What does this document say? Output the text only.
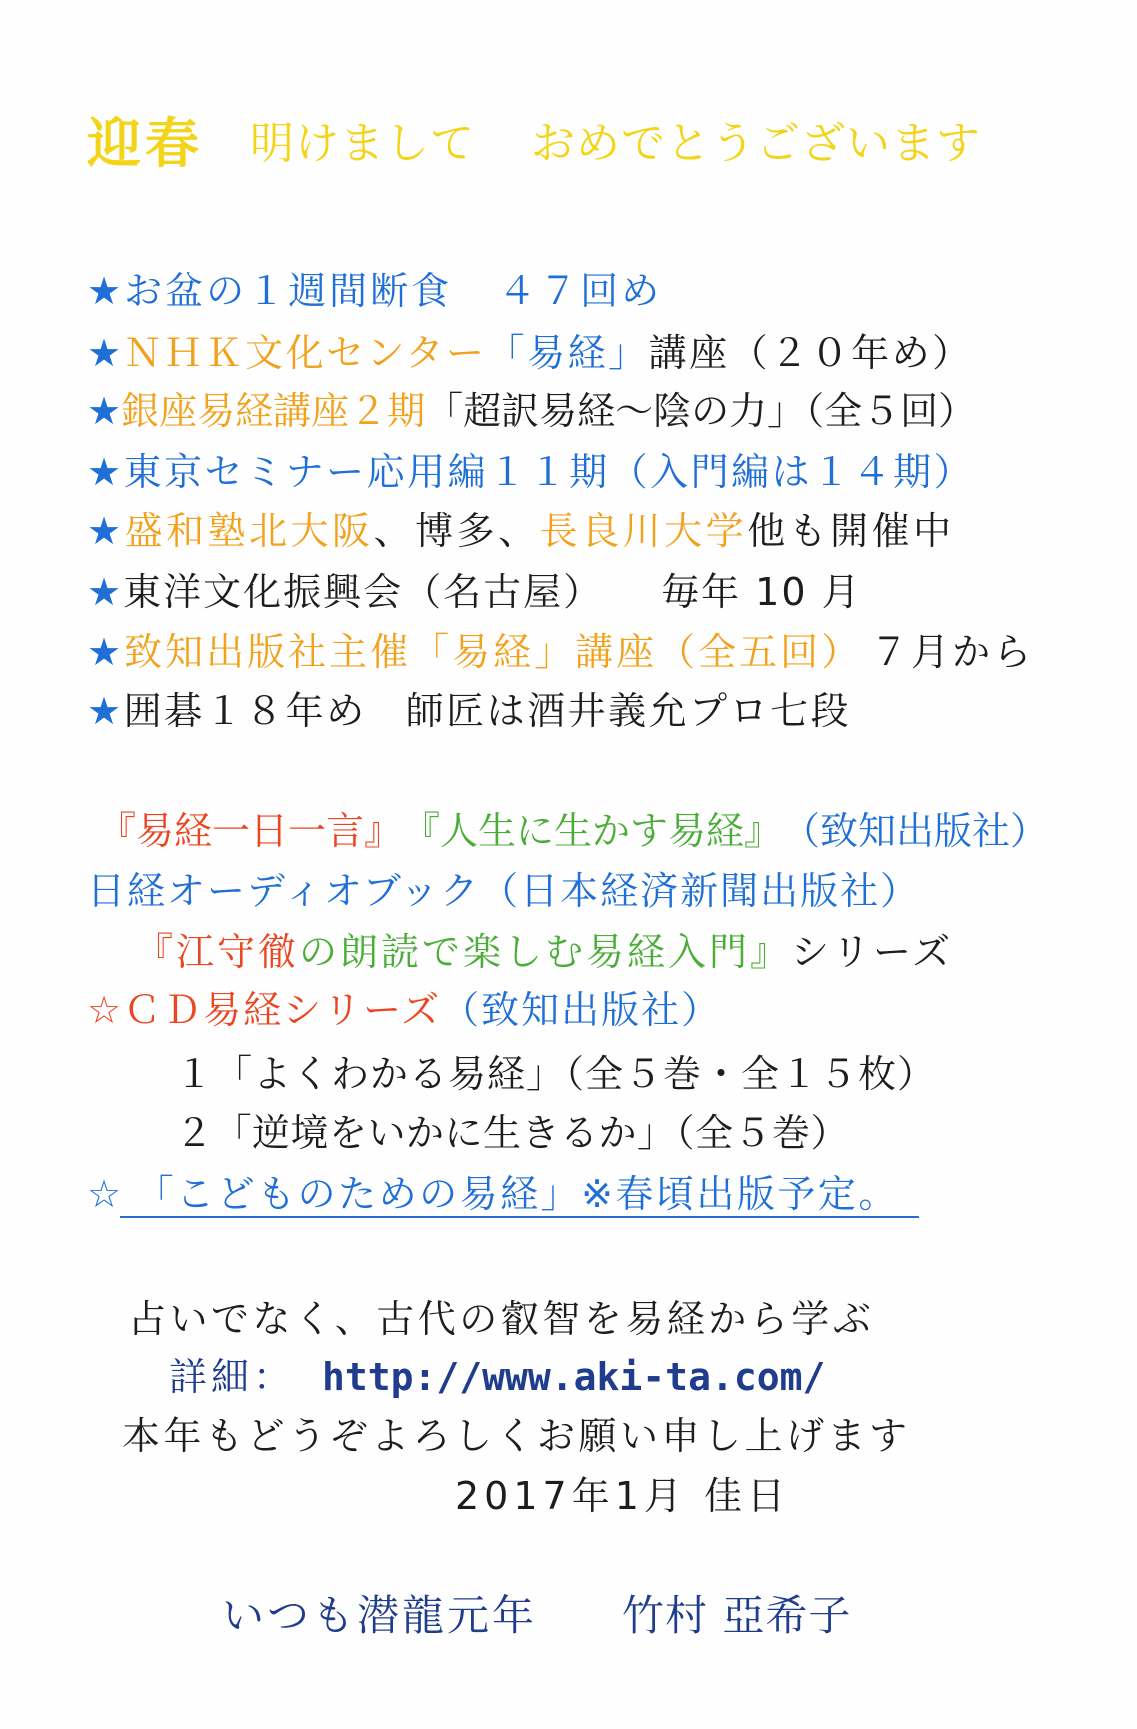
迎春 明けまして おめでとうございます
★ お盆の１週間断食 ４７回め
★ ＮＨＫ文化センター 「易経」 講座（２０年め）
★ 銀座易経講座２期 「超訳易経〜陰の力」（全５回）
★ 東京セミナー応用編１１期（入門編は１４期）
★ 盛和塾北大阪 、博多、 長良川大学 他も開催中
★ 東洋文化振興会（名古屋） 毎年 10 月
★ 致知出版社主催「易経」講座（全五回） ７月から
★ 囲碁１８年め 師匠は酒井義允プロ七段
『易経一日一言』 『人生に生かす易経』 （致知出版社）
日経オーディオブック（日本経済新聞出版社）
『江守徹 の朗読で楽しむ易経入門』 シリーズ
☆ＣＤ易経シリーズ （致知出版社）
１「よくわかる易経」（全５巻・全１５枚）
２「逆境をいかに生きるか」（全５巻）
☆ 「こどものための易経」※春頃出版予定。
占いでなく、古代の叡智を易経から学ぶ
詳細： http://www.aki-ta.com/
本年もどうぞよろしくお願い申し上げます
2017年1月 佳日
いつも潜龍元年 竹村 亞希子
